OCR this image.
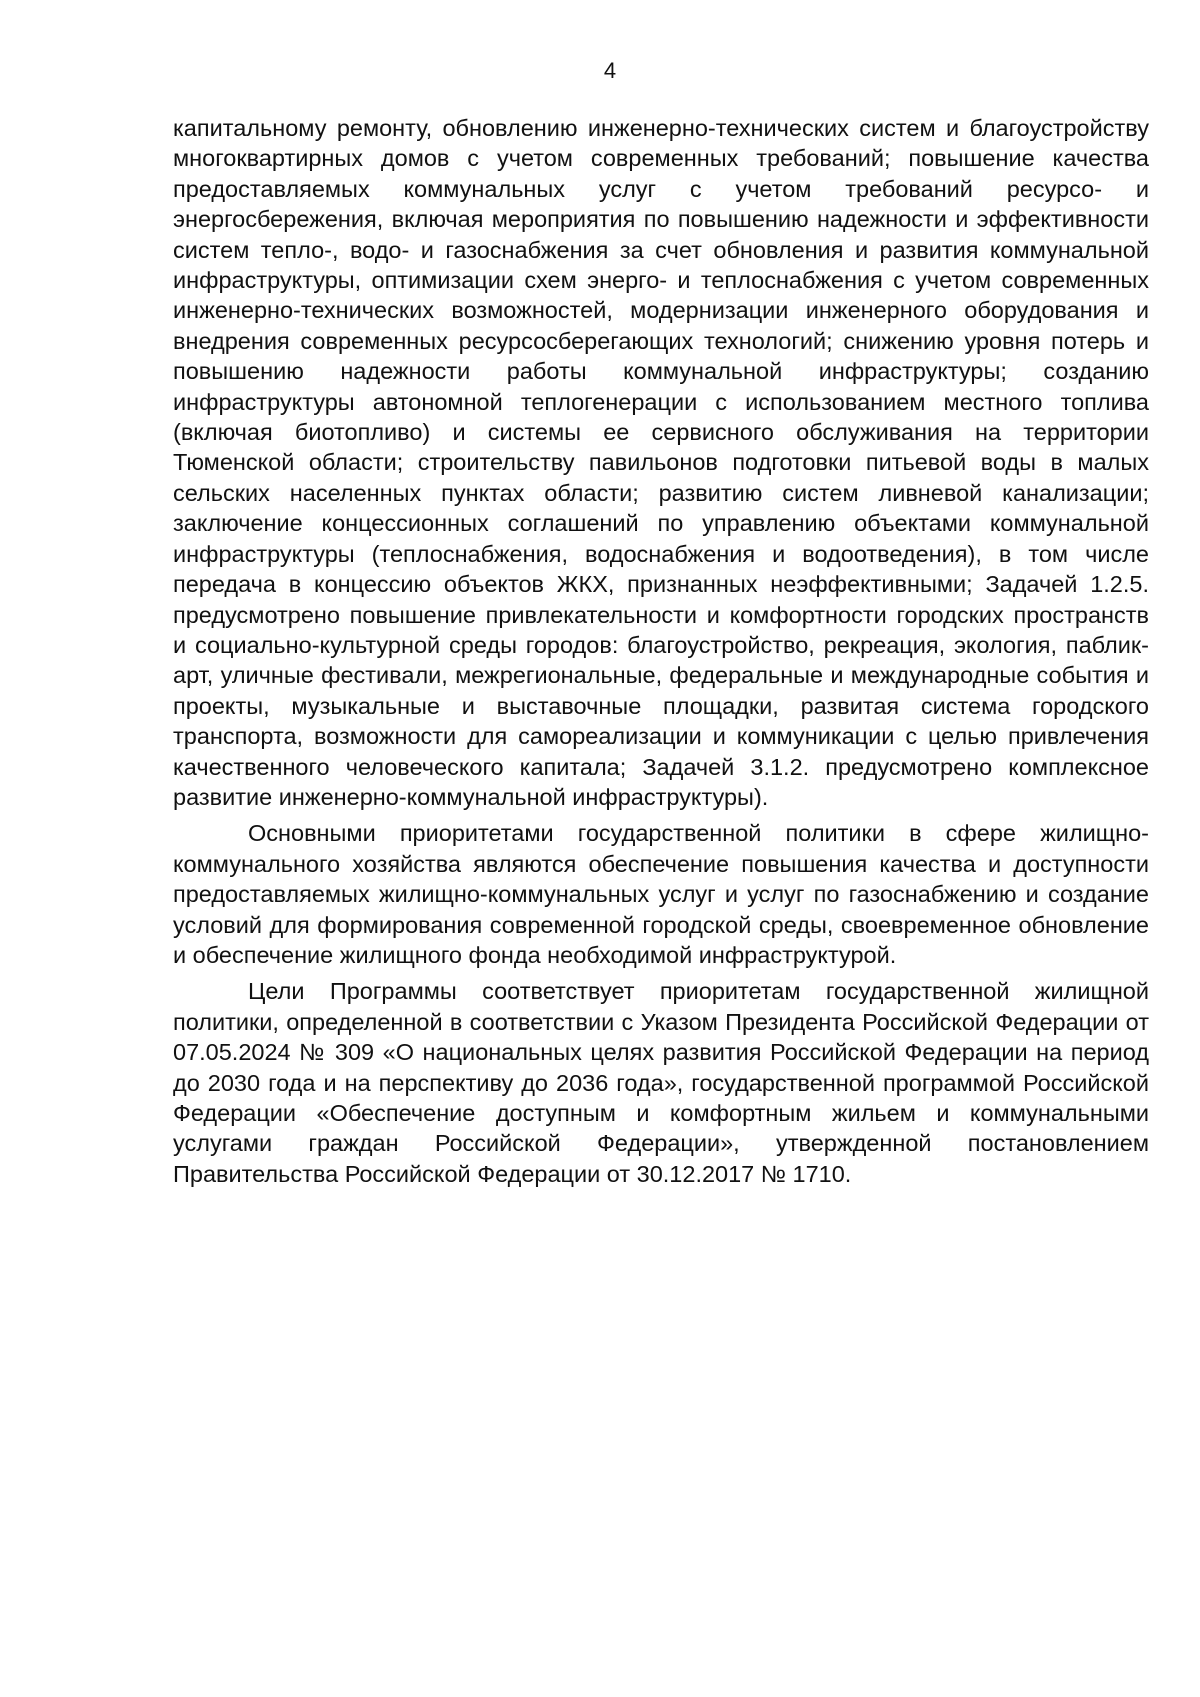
4

капитальному ремонту, обновлению инженерно-технических систем и благоустройству многоквартирных домов с учетом современных требований; повышение качества предоставляемых коммунальных услуг с учетом требований ресурсо- и энергосбережения, включая мероприятия по повышению надежности и эффективности систем тепло-, водо- и газоснабжения за счет обновления и развития коммунальной инфраструктуры, оптимизации схем энерго- и теплоснабжения с учетом современных инженерно-технических возможностей, модернизации инженерного оборудования и внедрения современных ресурсосберегающих технологий; снижению уровня потерь и повышению надежности работы коммунальной инфраструктуры; созданию инфраструктуры автономной теплогенерации с использованием местного топлива (включая биотопливо) и системы ее сервисного обслуживания на территории Тюменской области; строительству павильонов подготовки питьевой воды в малых сельских населенных пунктах области; развитию систем ливневой канализации; заключение концессионных соглашений по управлению объектами коммунальной инфраструктуры (теплоснабжения, водоснабжения и водоотведения), в том числе передача в концессию объектов ЖКХ, признанных неэффективными; Задачей 1.2.5. предусмотрено повышение привлекательности и комфортности городских пространств и социально-культурной среды городов: благоустройство, рекреация, экология, паблик-арт, уличные фестивали, межрегиональные, федеральные и международные события и проекты, музыкальные и выставочные площадки, развитая система городского транспорта, возможности для самореализации и коммуникации с целью привлечения качественного человеческого капитала; Задачей 3.1.2. предусмотрено комплексное развитие инженерно-коммунальной инфраструктуры).

Основными приоритетами государственной политики в сфере жилищно-коммунального хозяйства являются обеспечение повышения качества и доступности предоставляемых жилищно-коммунальных услуг и услуг по газоснабжению и создание условий для формирования современной городской среды, своевременное обновление и обеспечение жилищного фонда необходимой инфраструктурой.

Цели Программы соответствует приоритетам государственной жилищной политики, определенной в соответствии с Указом Президента Российской Федерации от 07.05.2024 № 309 «О национальных целях развития Российской Федерации на период до 2030 года и на перспективу до 2036 года», государственной программой Российской Федерации «Обеспечение доступным и комфортным жильем и коммунальными услугами граждан Российской Федерации», утвержденной постановлением Правительства Российской Федерации от 30.12.2017 № 1710.
